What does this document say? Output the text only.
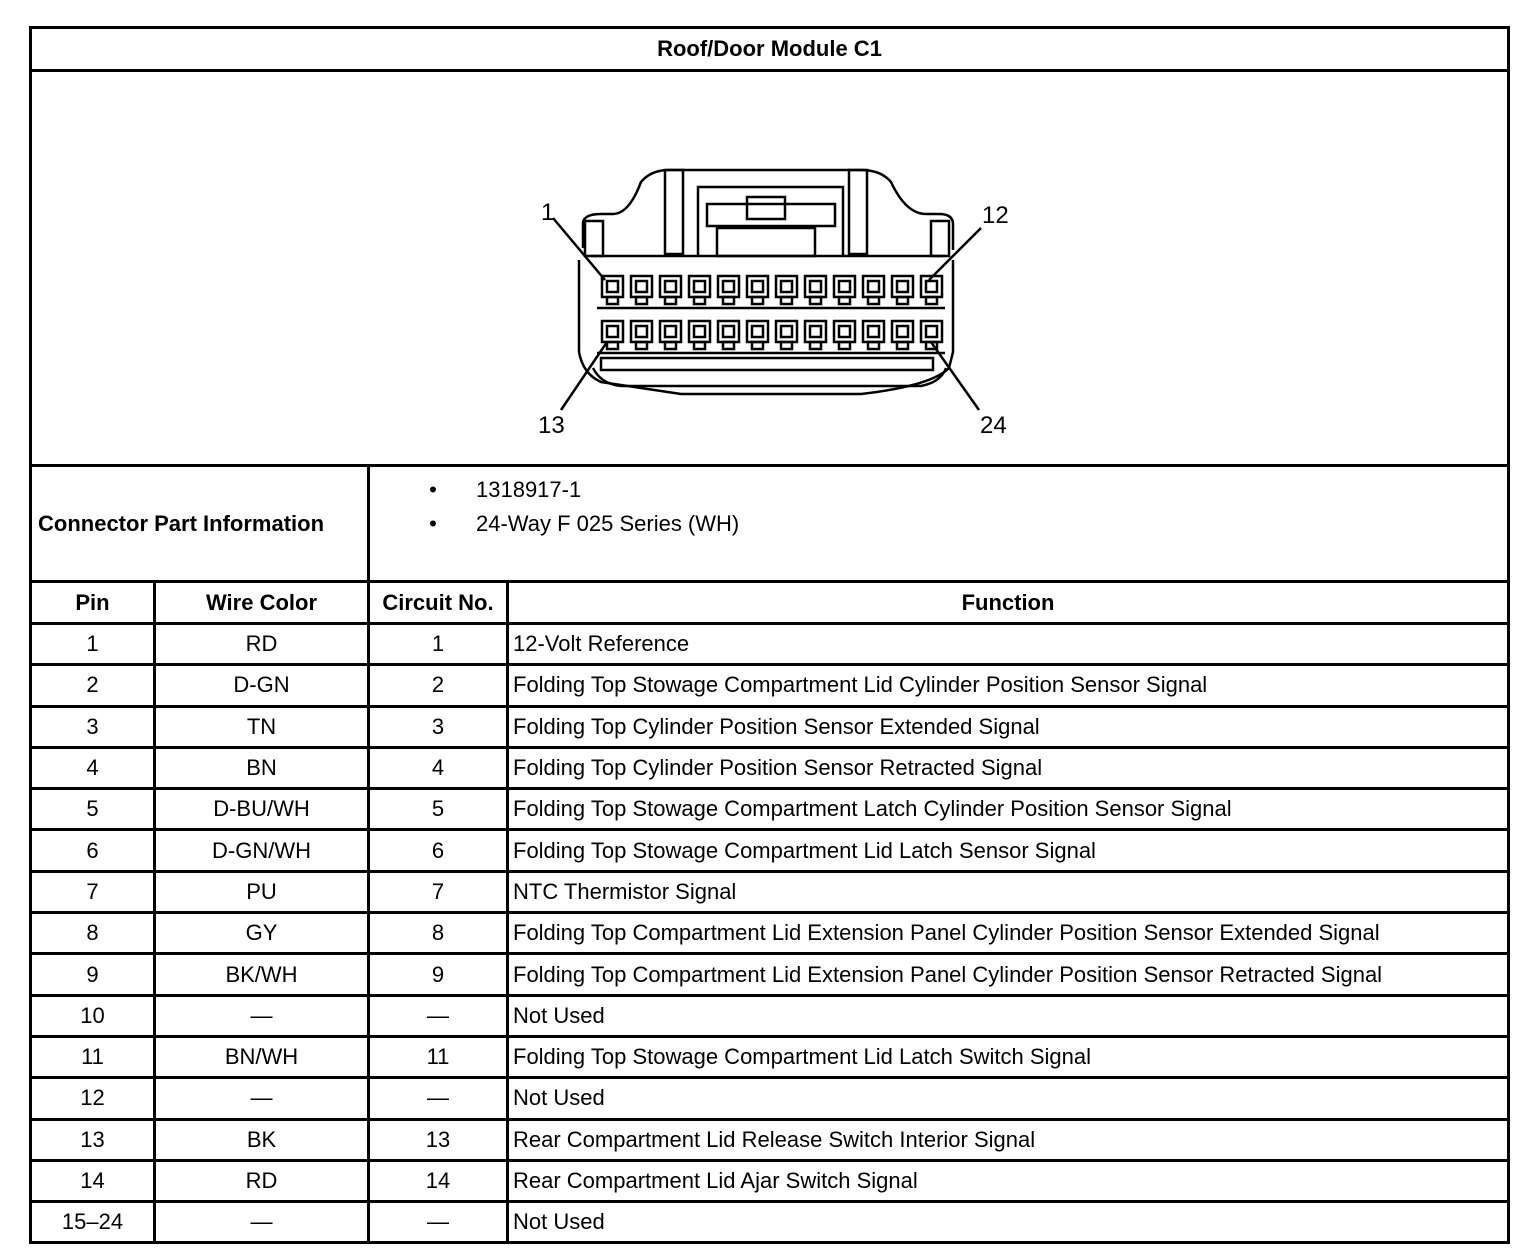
Roof/Door Module C1			

1 12
13 24			

Connector Part Information		• 1318917-1
• 24-Way F 025 Series (WH)	

Pin	Wire Color	Circuit No.	Function
1	RD	1	12-Volt Reference
2	D-GN	2	Folding Top Stowage Compartment Lid Cylinder Position Sensor Signal
3	TN	3	Folding Top Cylinder Position Sensor Extended Signal
4	BN	4	Folding Top Cylinder Position Sensor Retracted Signal
5	D-BU/WH	5	Folding Top Stowage Compartment Latch Cylinder Position Sensor Signal
6	D-GN/WH	6	Folding Top Stowage Compartment Lid Latch Sensor Signal
7	PU	7	NTC Thermistor Signal
8	GY	8	Folding Top Compartment Lid Extension Panel Cylinder Position Sensor Extended Signal
9	BK/WH	9	Folding Top Compartment Lid Extension Panel Cylinder Position Sensor Retracted Signal
10	—	—	Not Used
11	BN/WH	11	Folding Top Stowage Compartment Lid Latch Switch Signal
12	—	—	Not Used
13	BK	13	Rear Compartment Lid Release Switch Interior Signal
14	RD	14	Rear Compartment Lid Ajar Switch Signal
15–24	—	—	Not Used
